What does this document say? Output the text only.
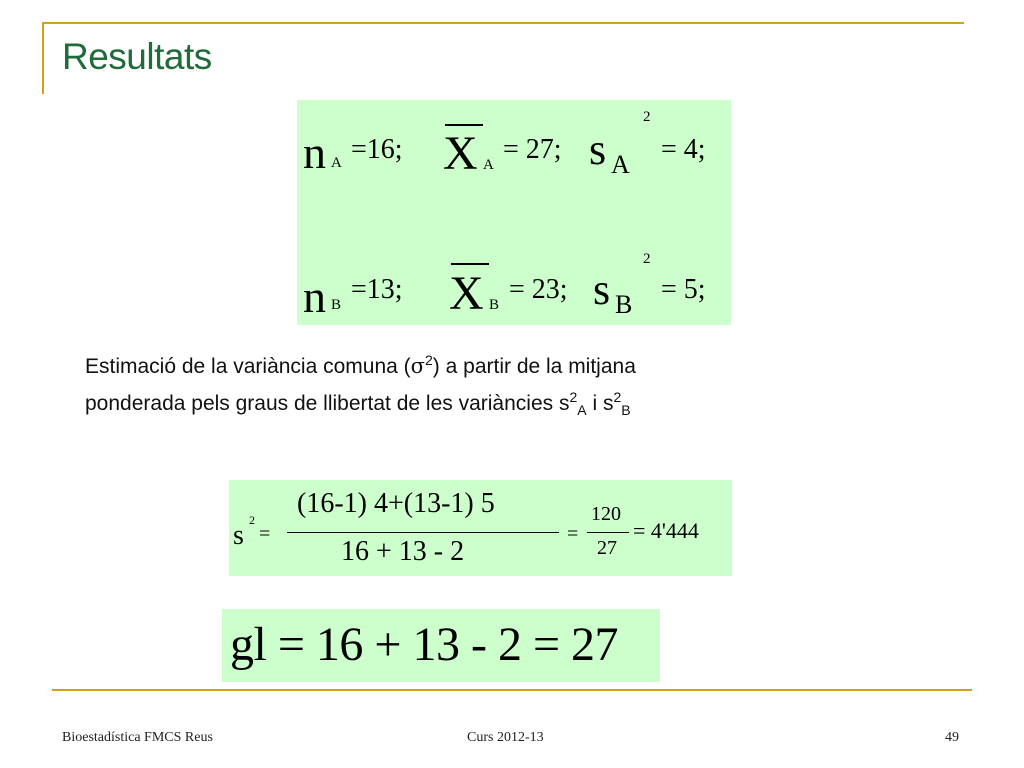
Resultats
n A =16; X A = 27; s A
2
= 4;
n B =13; X B = 23; s B
2
= 5;
Estimació de la variància comuna $(\sigma^2)$ a partir de la mitjana
ponderada pels graus de llibertat de les variàncies $s^2_A$ i $s^2_B$
s 2
=
(16-1) 4+(13-1) 5
16 + 13 - 2
=
120
27
= 4'444
gl = 16 + 13 - 2 = 27
Bioestadística FMCS Reus	Curs 2012-13	49
